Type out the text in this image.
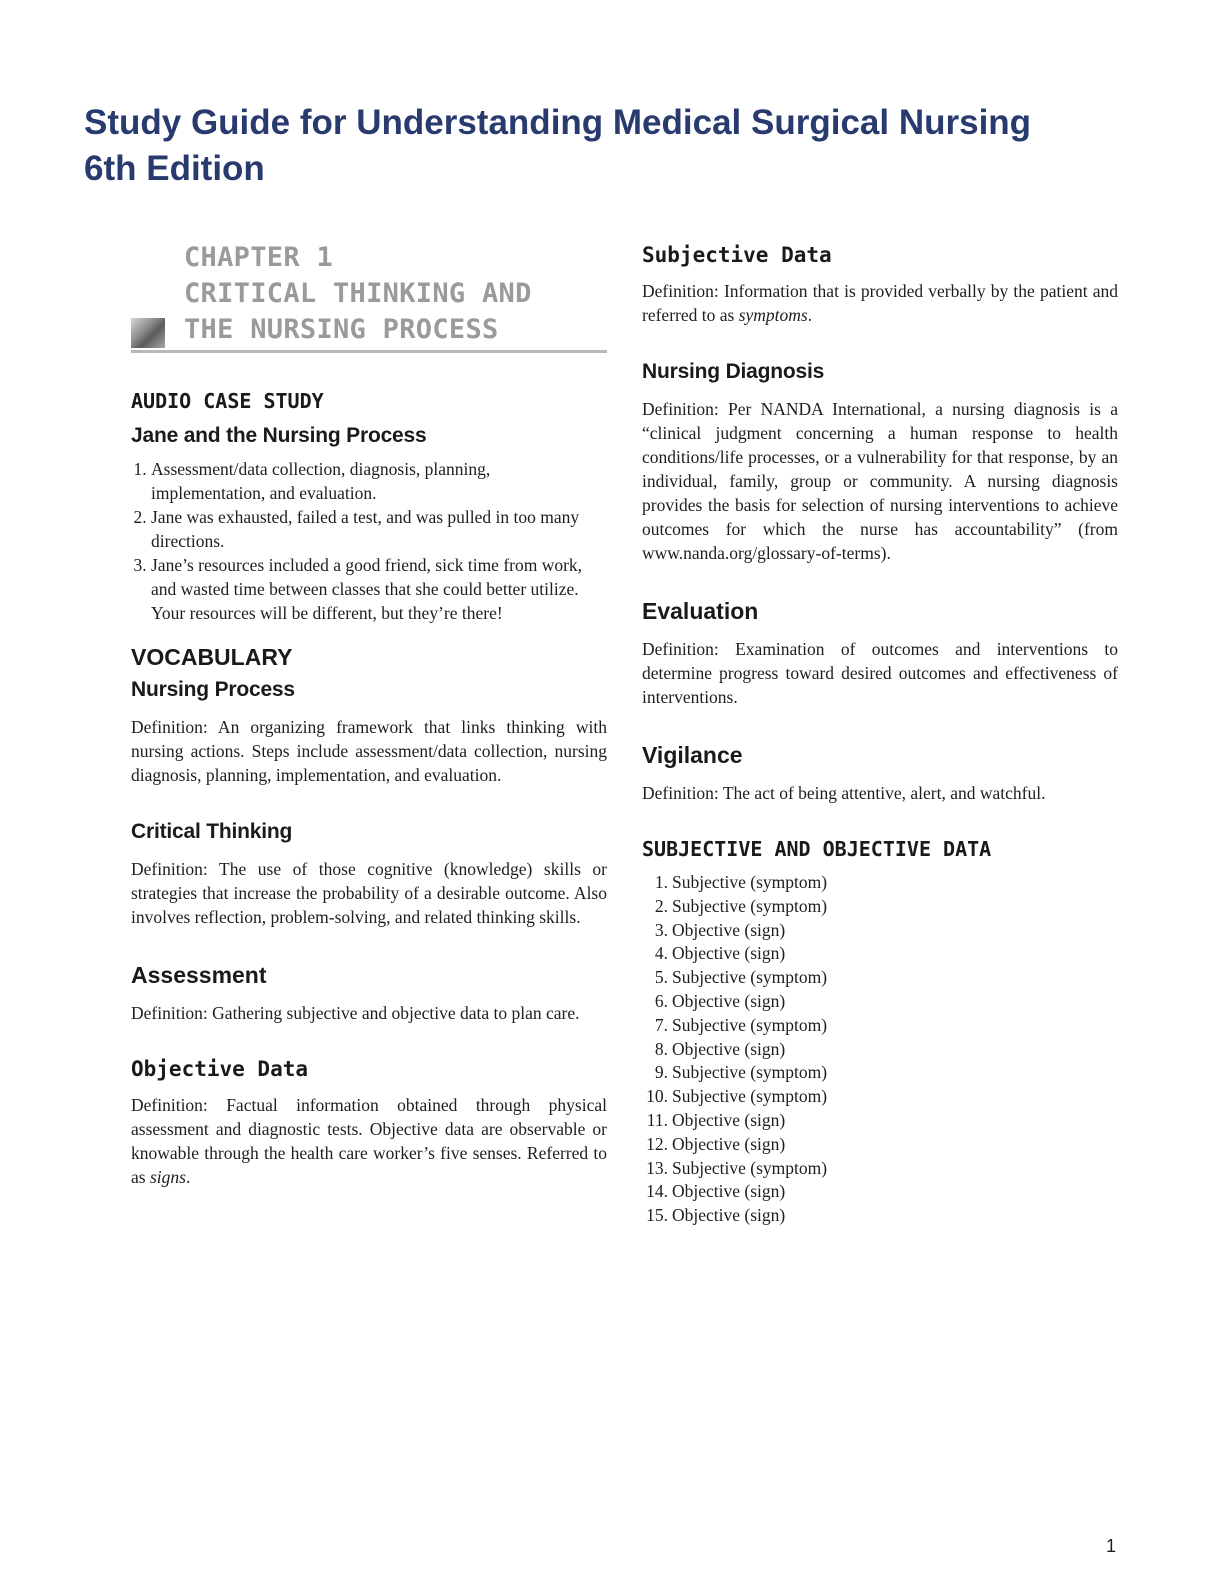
Study Guide for Understanding Medical Surgical Nursing
6th Edition
CHAPTER 1
CRITICAL THINKING AND
THE NURSING PROCESS
AUDIO CASE STUDY
Jane and the Nursing Process
1. Assessment/data collection, diagnosis, planning, implementation, and evaluation.
2. Jane was exhausted, failed a test, and was pulled in too many directions.
3. Jane’s resources included a good friend, sick time from work, and wasted time between classes that she could better utilize. Your resources will be different, but they’re there!
VOCABULARY
Nursing Process

Definition: An organizing framework that links thinking with nursing actions. Steps include assessment/data collection, nursing diagnosis, planning, implementation, and evaluation.

Critical Thinking

Definition: The use of those cognitive (knowledge) skills or strategies that increase the probability of a desirable outcome. Also involves reflection, problem-solving, and related thinking skills.

Assessment

Definition: Gathering subjective and objective data to plan care.

Objective Data

Definition: Factual information obtained through physical assessment and diagnostic tests. Objective data are observable or knowable through the health care worker’s five senses. Referred to as signs.

Subjective Data

Definition: Information that is provided verbally by the patient and referred to as symptoms.

Nursing Diagnosis

Definition: Per NANDA International, a nursing diagnosis is a “clinical judgment concerning a human response to health conditions/life processes, or a vulnerability for that response, by an individual, family, group or community. A nursing diagnosis provides the basis for selection of nursing interventions to achieve outcomes for which the nurse has accountability” (from www.nanda.org/glossary-of-terms).

Evaluation

Definition: Examination of outcomes and interventions to determine progress toward desired outcomes and effectiveness of interventions.

Vigilance

Definition: The act of being attentive, alert, and watchful.

SUBJECTIVE AND OBJECTIVE DATA
1. Subjective (symptom)
2. Subjective (symptom)
3. Objective (sign)
4. Objective (sign)
5. Subjective (symptom)
6. Objective (sign)
7. Subjective (symptom)
8. Objective (sign)
9. Subjective (symptom)
10. Subjective (symptom)
11. Objective (sign)
12. Objective (sign)
13. Subjective (symptom)
14. Objective (sign)
15. Objective (sign)
1
